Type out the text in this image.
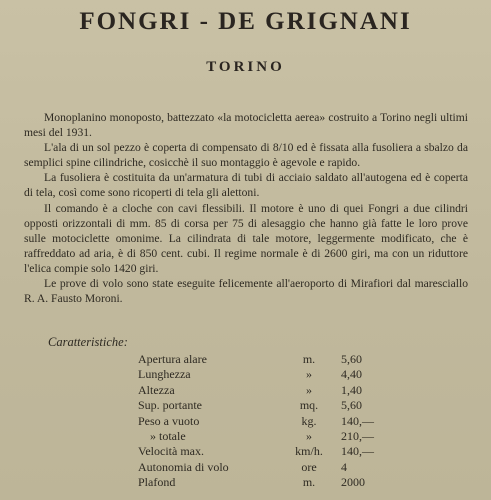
FONGRI - DE GRIGNANI
TORINO

Monoplanino monoposto, battezzato «la motocicletta aerea» costruito a Torino negli ultimi mesi del 1931.

L'ala di un sol pezzo è coperta di compensato di 8/10 ed è fissata alla fusoliera a sbalzo da semplici spine cilindriche, cosicchè il suo montaggio è agevole e rapido.

La fusoliera è costituita da un'armatura di tubi di acciaio saldato all'autogena ed è coperta di tela, così come sono ricoperti di tela gli alettoni.

Il comando è a cloche con cavi flessibili. Il motore è uno di quei Fongri a due cilindri opposti orizzontali di mm. 85 di corsa per 75 di alesaggio che hanno già fatte le loro prove sulle motociclette omonime. La cilindrata di tale motore, leggermente modificato, che è raffreddato ad aria, è di 850 cent. cubi. Il regime normale è di 2600 giri, ma con un riduttore l'elica compie solo 1420 giri.

Le prove di volo sono state eseguite felicemente all'aeroporto di Mirafiori dal maresciallo R. A. Fausto Moroni.

Caratteristiche:
Apertura alare	m.	5,60
Lunghezza	»	4,40
Altezza	»	1,40
Sup. portante	mq.	5,60
Peso a vuoto	kg.	140,—
» totale	»	210,—
Velocità max.	km/h.	140,—
Autonomia di volo	ore	4
Plafond	m.	2000
